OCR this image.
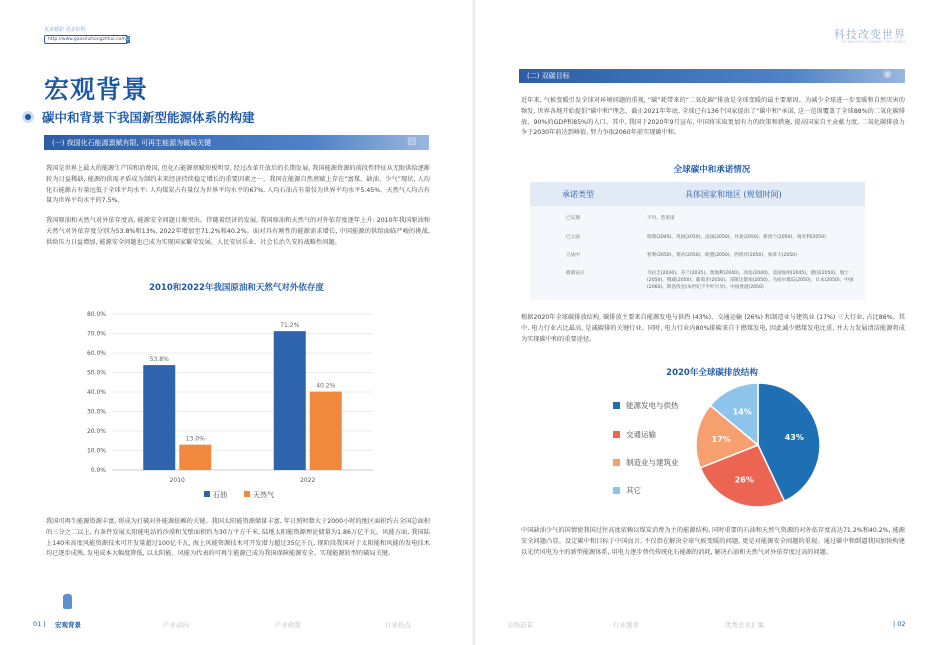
更多精彩 更多好料
http://www.gaoxinzhongzhhui.com ⚲
宏观背景
碳中和背景下我国新型能源体系的构建
(一) 我国化石能源禀赋有限, 可再生能源为破局关键	▧
我国是世界上最大的能源生产国和消费国, 但化石能源禀赋短板明显, 经过改革开放后的长期发展, 我国能源资源的前段性特征从无限供给逐渐转为日益稀缺, 能源的供需矛盾成为制约未来经济持续稳定增长的重要因素之一。我国在能源自然禀赋上存在“富煤、缺油、少气”现状, 人均化石能源占有量远低于全球平均水平: 人均煤炭占有量仅为世界平均水平的67%, 人均石油占有量仅为世界平均水平5.45%、天然气人均占有量为世界平均水平的7.5%。
我国原油和天然气对外依存度高, 能源安全问题日渐突出。伴随着经济的发展, 我国原油和天然气的对外依存度逐年上升: 2010年我国原油和天然气对外依存度分别为53.8%和13%, 2022年增加至71.2%和40.2%。面对具有刚性的能源需求增长, 中国能源的供给面临严峻的挑战, 供给压力日益增加, 能源安全问题也已成为实现国家繁荣发展、人民安居乐业、社会长治久安的战略性问题。
2010和2022年我国原油和天然气对外依存度
0.0%
10.0%
20.0%
30.0%
40.0%
50.0%
60.0%
70.0%
80.0%
53.8%
13.0%
2010
71.2%
40.2%
2022
石油	天然气
我国可再生能源资源丰富, 将成为打破对外能源依赖的关键。我国太阳能资源储量丰富, 年日照时数大于2000小时的地区面积约占全国总面积的三分之二以上, 有条件发展太阳能电站的沙漠和戈壁面积约为30万平方千米, 陆地太阳能资源理论储量为1.86万亿千瓦。风能方面, 我国陆上140米高度风能资源技术可开发量超过100亿千瓦, 海上风能资源技术可开发潜力超过35亿千瓦, 现阶段我国对于太阳能和风能的发电技术均已逐步成熟, 发电成本大幅度降低, 以太阳能、风能为代表的可再生能源已成为我国保障能源安全、实现能源转型的破局关键。
01 |	宏观背景	产业动向	产业政策	行业热点
科技改变世界
TECHNOLOGY CHANGES THE WORLD
(二) 双碳目标	◉
近年来, 气候变暖引发全球对环境问题的重视, “碳”耗带来的“二氧化碳”排放是全球变暖的最主要原因。为减少全球进一步变暖和自然灾害的频发, 世界各地开始提倡“碳中和”理念。截止2021年年底, 全球已有136个国家提出了“碳中和”承诺, 这一范围覆盖了全球88%的二氧化碳排放、90%的GDP和85%的人口。其中, 我国于2020年9月宣布, 中国将采取更加有力的政策和措施, 提高国家自主贡献力度, 二氧化碳排放力争于2030年前达到峰值, 努力争取2060年前实现碳中和。
全球碳中和承诺情况
承诺类型	具体国家和地区 (规划时间)
已实现	不丹、苏里南
已立法	瑞典(2045)、英国(2050)、法国(2050)、丹麦(2050)、新西兰(2050)、匈牙利(2050)
立法中	智利(2050)、斐济(2050)、欧盟(2050)、西班牙(2050)、加拿大(2050)
政策宣示	乌拉圭(2030)、芬兰(2035)、奥地利(2040)、冰岛(2040)、美国加州(2045)、德国(2050)、瑞士(2050)、挪威(2050)、葡萄牙(2050)、哥斯达黎加(2050)、马绍尔群岛(2050)、日本(2050)、中国(2060)、斯洛伐克(本世纪下半叶尽早)、中国香港(2050)
根据2020年全球碳排放结构, 碳排放主要来自能源发电与供热 (43%)、交通运输 (26%) 和制造业与建筑业 (17%) 三大行业, 占比86%。其中, 电力行业占比最高, 是减碳排的关键行业。同时, 电力行业内80%排碳来自于燃煤发电, 因此减少燃煤发电比重, 并大力发展清洁能源将成为实现碳中和的重要途径。
2020年全球碳排放结构
能源发电与供热
交通运输
制造业与建筑业
其它
43%
26%
17%
14%
中国缺油少气的国情使我国过往高度依赖以煤炭消费为主的能源结构, 同时重要的石油和天然气资源的对外依存度高达71.2%和40.2%, 能源安全问题凸显。设定碳中和目标于中国而言, 不仅指在解决全球气候变暖的问题, 更是对能源安全问题的重视。通过碳中和倒逼我国加快构建以光伏风电为主的新型能源体系, 用电力逐步替代传统化石能源的消耗, 解决石油和天然气对外依存度过高的问题。
市场前景	行业频率	优秀企业汇编	| 02
